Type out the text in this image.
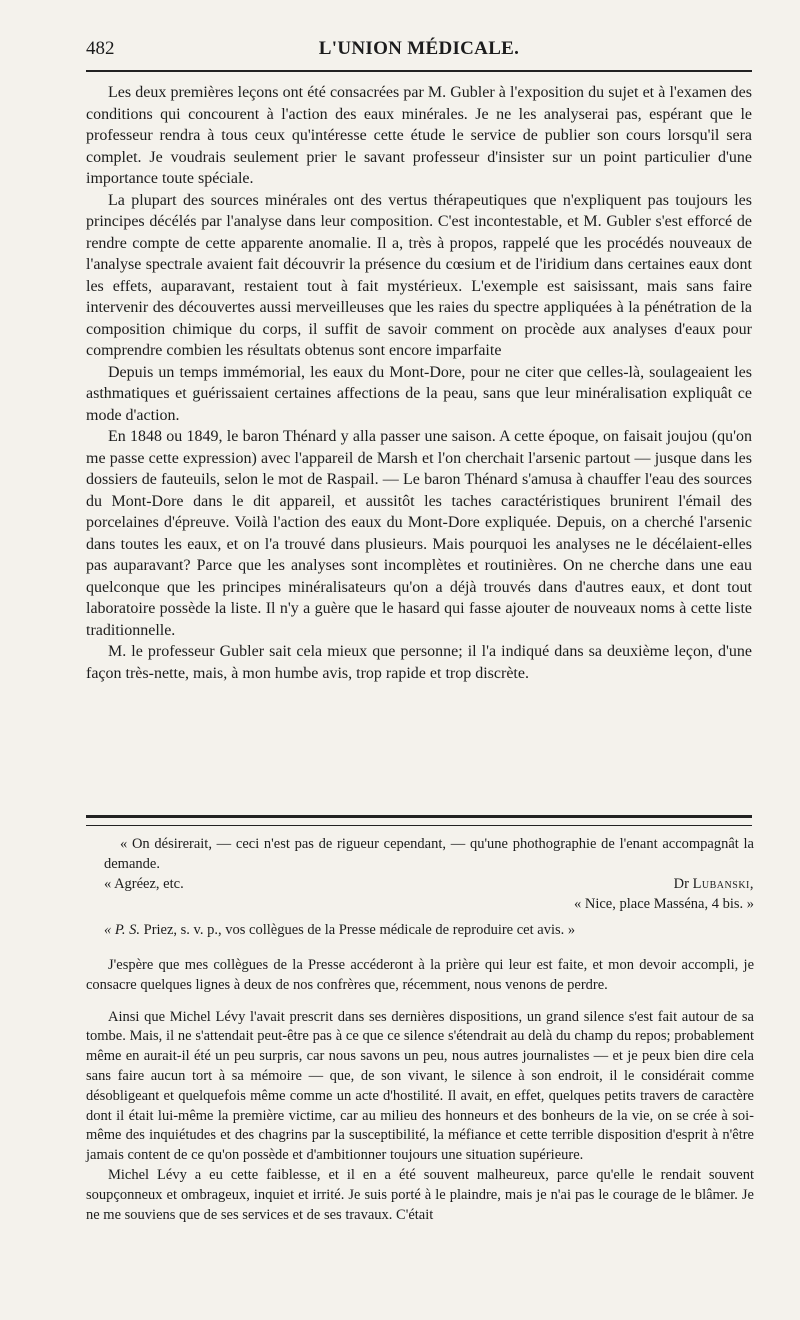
482	L'UNION MÉDICALE.

Les deux premières leçons ont été consacrées par M. Gubler à l'exposition du sujet et à l'examen des conditions qui concourent à l'action des eaux minérales. Je ne les analyserai pas, espérant que le professeur rendra à tous ceux qu'intéresse cette étude le service de publier son cours lorsqu'il sera complet. Je voudrais seulement prier le savant professeur d'insister sur un point particulier d'une importance toute spéciale.

La plupart des sources minérales ont des vertus thérapeutiques que n'expliquent pas toujours les principes décélés par l'analyse dans leur composition. C'est incontestable, et M. Gubler s'est efforcé de rendre compte de cette apparente anomalie. Il a, très à propos, rappelé que les procédés nouveaux de l'analyse spectrale avaient fait découvrir la présence du cœsium et de l'iridium dans certaines eaux dont les effets, auparavant, restaient tout à fait mystérieux. L'exemple est saisissant, mais sans faire intervenir des découvertes aussi merveilleuses que les raies du spectre appliquées à la pénétration de la composition chimique du corps, il suffit de savoir comment on procède aux analyses d'eaux pour comprendre combien les résultats obtenus sont encore imparfaite

Depuis un temps immémorial, les eaux du Mont-Dore, pour ne citer que celles-là, soulageaient les asthmatiques et guérissaient certaines affections de la peau, sans que leur minéralisation expliquât ce mode d'action.

En 1848 ou 1849, le baron Thénard y alla passer une saison. A cette époque, on faisait joujou (qu'on me passe cette expression) avec l'appareil de Marsh et l'on cherchait l'arsenic partout — jusque dans les dossiers de fauteuils, selon le mot de Raspail. — Le baron Thénard s'amusa à chauffer l'eau des sources du Mont-Dore dans le dit appareil, et aussitôt les taches caractéristiques brunirent l'émail des porcelaines d'épreuve. Voilà l'action des eaux du Mont-Dore expliquée. Depuis, on a cherché l'arsenic dans toutes les eaux, et on l'a trouvé dans plusieurs. Mais pourquoi les analyses ne le décélaient-elles pas auparavant? Parce que les analyses sont incomplètes et routinières. On ne cherche dans une eau quelconque que les principes minéralisateurs qu'on a déjà trouvés dans d'autres eaux, et dont tout laboratoire possède la liste. Il n'y a guère que le hasard qui fasse ajouter de nouveaux noms à cette liste traditionnelle.

M. le professeur Gubler sait cela mieux que personne; il l'a indiqué dans sa deuxième leçon, d'une façon très-nette, mais, à mon humbe avis, trop rapide et trop discrète.

« On désirerait, — ceci n'est pas de rigueur cependant, — qu'une phothographie de l'enant accompagnât la demande.

« Agréez, etc.	Dr Lubanski,
« Nice, place Masséna, 4 bis. »

« P. S. Priez, s. v. p., vos collègues de la Presse médicale de reproduire cet avis. »

J'espère que mes collègues de la Presse accéderont à la prière qui leur est faite, et mon devoir accompli, je consacre quelques lignes à deux de nos confrères que, récemment, nous venons de perdre.

Ainsi que Michel Lévy l'avait prescrit dans ses dernières dispositions, un grand silence s'est fait autour de sa tombe. Mais, il ne s'attendait peut-être pas à ce que ce silence s'étendrait au delà du champ du repos; probablement même en aurait-il été un peu surpris, car nous savons un peu, nous autres journalistes — et je peux bien dire cela sans faire aucun tort à sa mémoire — que, de son vivant, le silence à son endroit, il le considérait comme désobligeant et quelquefois même comme un acte d'hostilité. Il avait, en effet, quelques petits travers de caractère dont il était lui-même la première victime, car au milieu des honneurs et des bonheurs de la vie, on se crée à soi-même des inquiétudes et des chagrins par la susceptibilité, la méfiance et cette terrible disposition d'esprit à n'être jamais content de ce qu'on possède et d'ambitionner toujours une situation supérieure.

Michel Lévy a eu cette faiblesse, et il en a été souvent malheureux, parce qu'elle le rendait souvent soupçonneux et ombrageux, inquiet et irrité. Je suis porté à le plaindre, mais je n'ai pas le courage de le blâmer. Je ne me souviens que de ses services et de ses travaux. C'était
